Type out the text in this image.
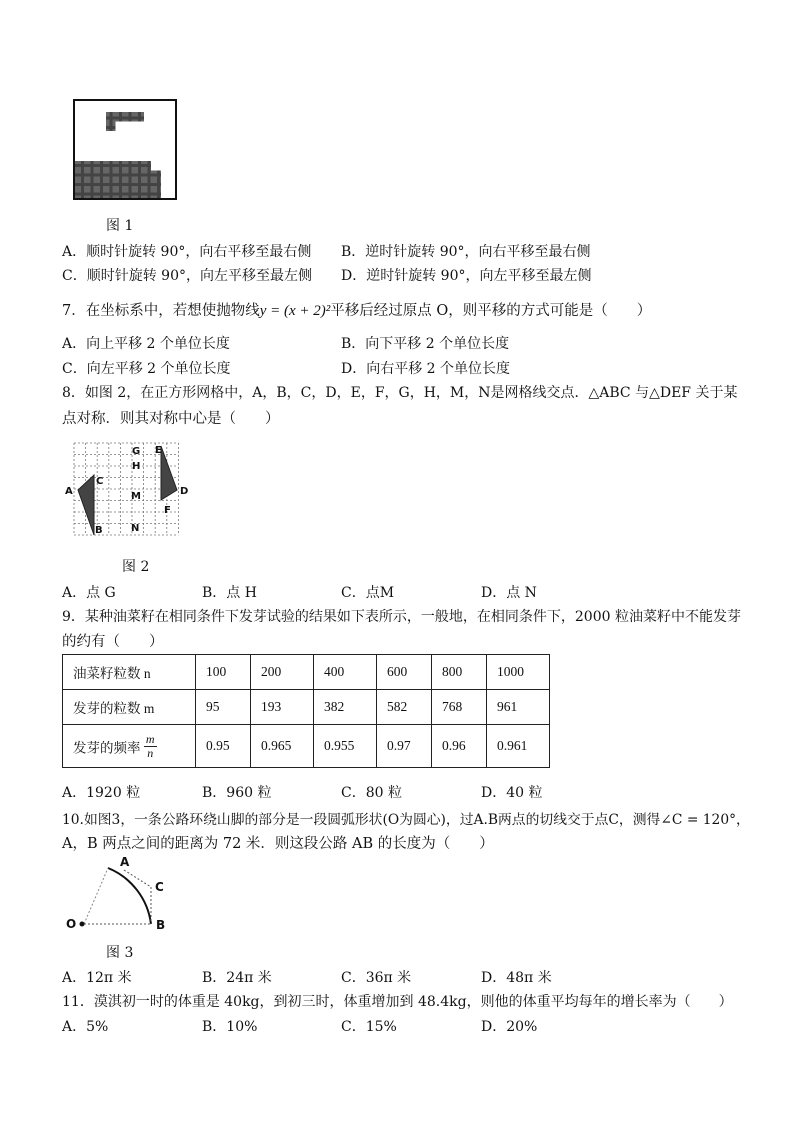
图 1
A．顺时针旋转 90°，向右平移至最右侧 B．逆时针旋转 90°，向右平移至最右侧
C．顺时针旋转 90°，向左平移至最左侧 D．逆时针旋转 90°，向左平移至最左侧
7．在坐标系中，若想使抛物线y = (x + 2)²平移后经过原点 O，则平移的方式可能是（　　）
A．向上平移 2 个单位长度	B．向下平移 2 个单位长度
C．向左平移 2 个单位长度	D．向右平移 2 个单位长度
8．如图 2，在正方形网格中，A，B，C，D，E，F，G，H，M，N是网格线交点．△ABC 与△DEF 关于某
点对称．则其对称中心是（　　）
G
H
E
A
C
M	D
F
B	N
图 2
A．点 G	B．点 H	C．点M	D．点 N
9．某种油菜籽在相同条件下发芽试验的结果如下表所示，一般地，在相同条件下，2000 粒油菜籽中不能发芽
的约有（　　）
油菜籽粒数 n	100	200	400	600	800	1000
发芽的粒数 m	95	193	382	582	768	961
发芽的频率 $\frac{m}{n}$	0.95	0.965	0.955	0.97	0.96	0.961
A．1920 粒	B．960 粒	C．80 粒	D．40 粒
10.如图3，一条公路环绕山脚的部分是一段圆弧形状(O为圆心)，过A.B两点的切线交于点C，测得∠C = 120°，
A，B 两点之间的距离为 72 米．则这段公路 AB 的长度为（　　）
A
C
O	B
图 3
A．12π 米	B．24π 米	C．36π 米	D．48π 米
11．漠淇初一时的体重是 40kg，到初三时，体重增加到 48.4kg，则他的体重平均每年的增长率为（　　）
A．5%	B．10%	C．15%	D．20%
